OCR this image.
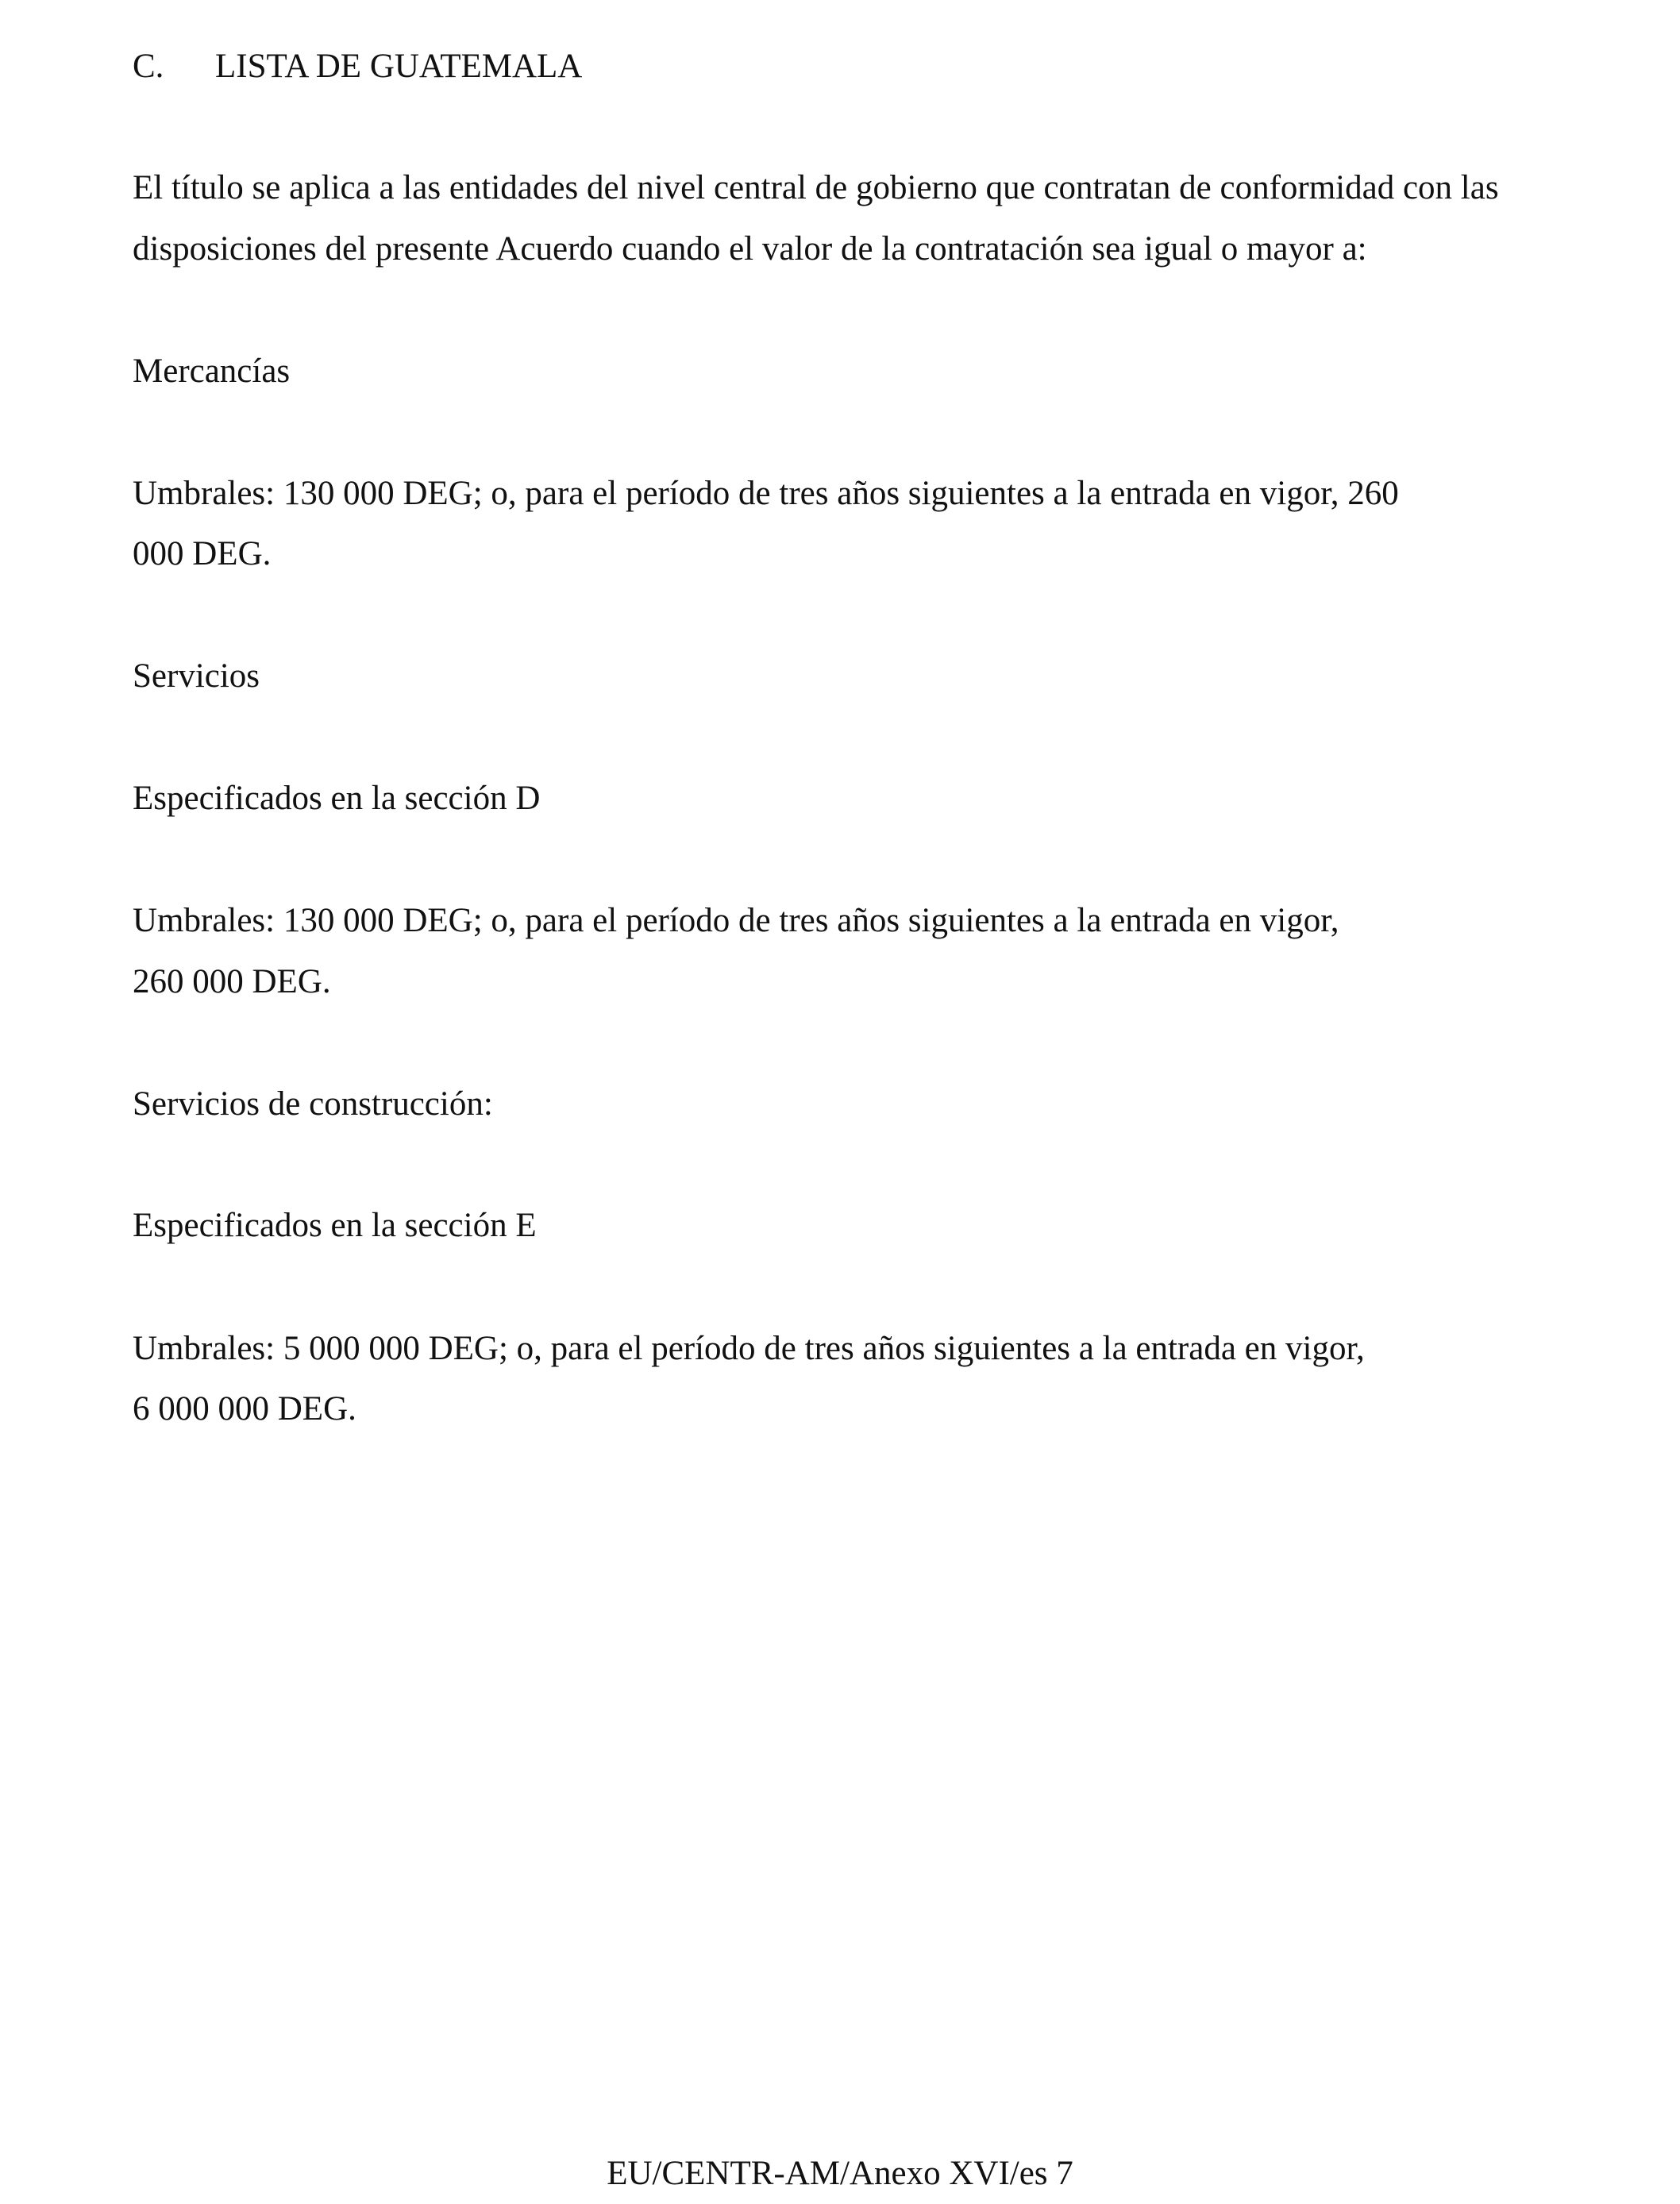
C. LISTA DE GUATEMALA
El título se aplica a las entidades del nivel central de gobierno que contratan de conformidad con las
disposiciones del presente Acuerdo cuando el valor de la contratación sea igual o mayor a:
Mercancías
Umbrales: 130 000 DEG; o, para el período de tres años siguientes a la entrada en vigor, 260
000 DEG.
Servicios
Especificados en la sección D
Umbrales: 130 000 DEG; o, para el período de tres años siguientes a la entrada en vigor,
260 000 DEG.
Servicios de construcción:
Especificados en la sección E
Umbrales: 5 000 000 DEG; o, para el período de tres años siguientes a la entrada en vigor,
6 000 000 DEG.
EU/CENTR-AM/Anexo XVI/es 7
